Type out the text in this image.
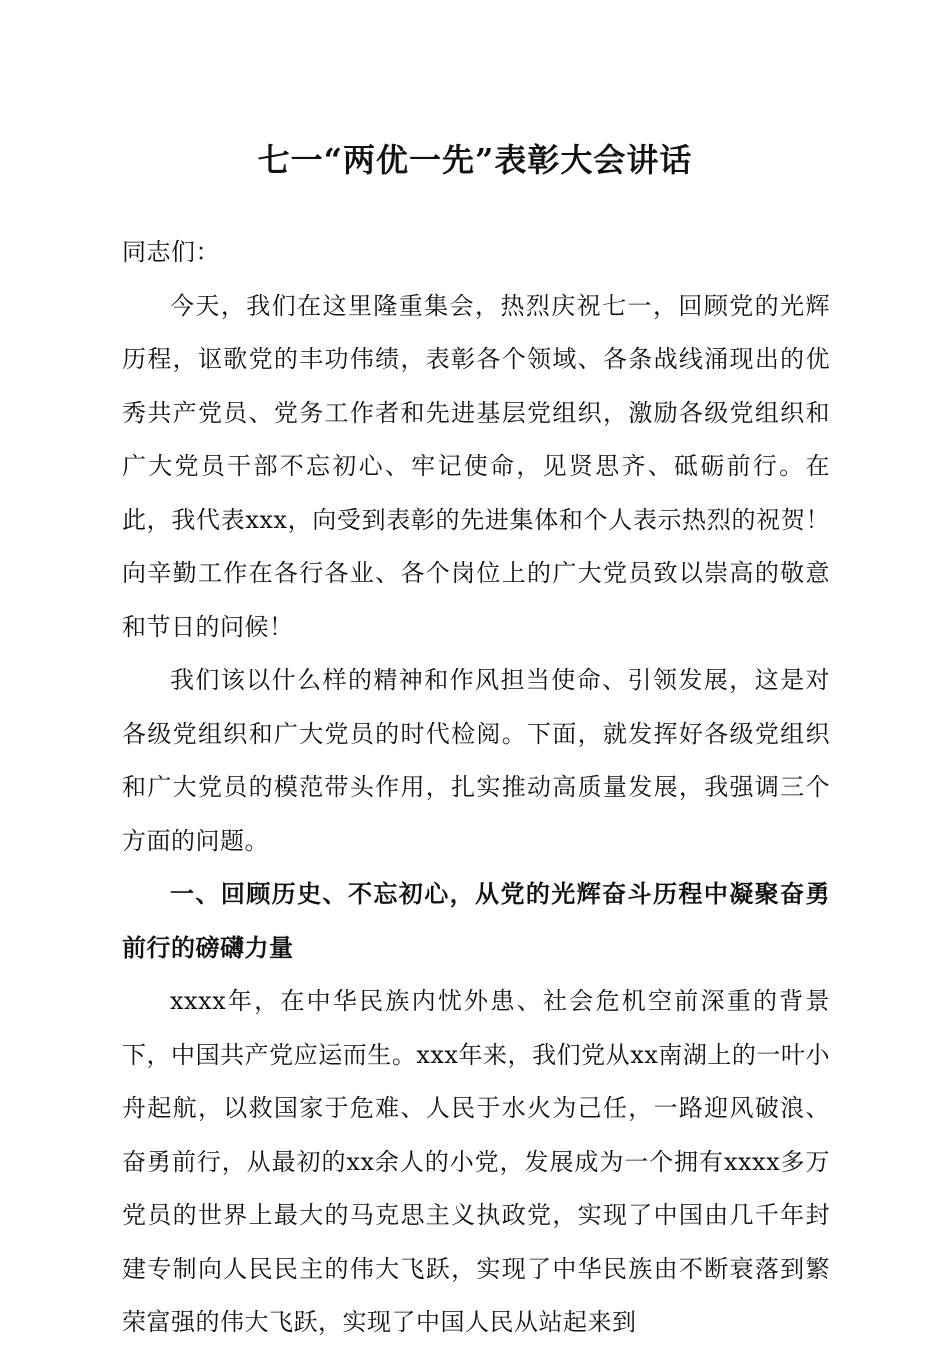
七一“两优一先”表彰大会讲话

同志们：

今天，我们在这里隆重集会，热烈庆祝七一，回顾党的光辉历程，讴歌党的丰功伟绩，表彰各个领域、各条战线涌现出的优秀共产党员、党务工作者和先进基层党组织，激励各级党组织和广大党员干部不忘初心、牢记使命，见贤思齐、砥砺前行。在此，我代表xxx，向受到表彰的先进集体和个人表示热烈的祝贺！向辛勤工作在各行各业、各个岗位上的广大党员致以崇高的敬意和节日的问候！

我们该以什么样的精神和作风担当使命、引领发展，这是对各级党组织和广大党员的时代检阅。下面，就发挥好各级党组织和广大党员的模范带头作用，扎实推动高质量发展，我强调三个方面的问题。

一、回顾历史、不忘初心，从党的光辉奋斗历程中凝聚奋勇前行的磅礴力量

xxxx年，在中华民族内忧外患、社会危机空前深重的背景下，中国共产党应运而生。xxx年来，我们党从xx南湖上的一叶小舟起航，以救国家于危难、人民于水火为己任，一路迎风破浪、奋勇前行，从最初的xx余人的小党，发展成为一个拥有xxxx多万党员的世界上最大的马克思主义执政党，实现了中国由几千年封建专制向人民民主的伟大飞跃，实现了中华民族由不断衰落到繁荣富强的伟大飞跃，实现了中国人民从站起来到
